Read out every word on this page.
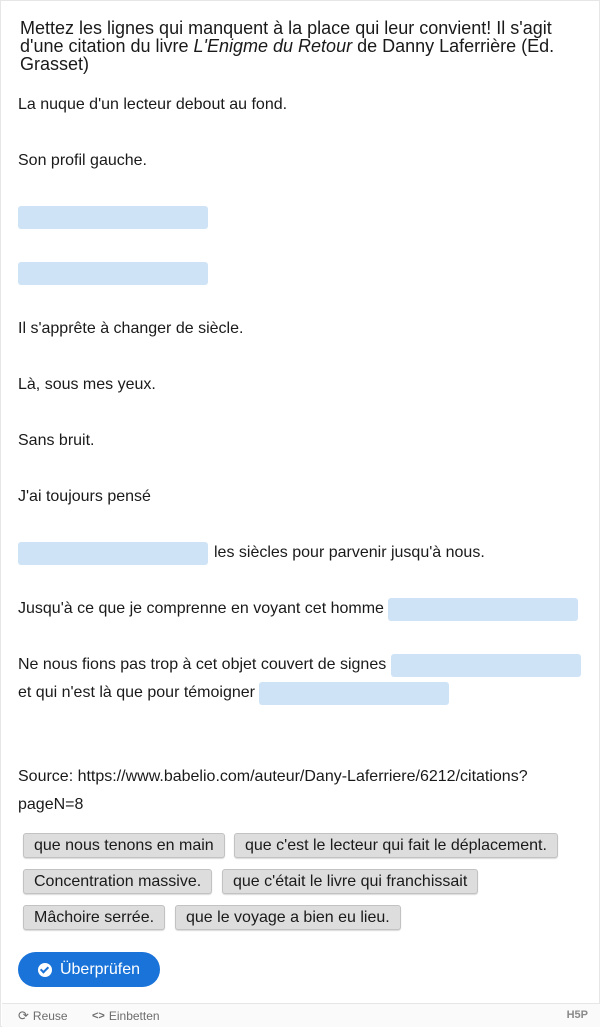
Mettez les lignes qui manquent à la place qui leur convient! Il s'agit d'une citation du livre L'Enigme du Retour de Danny Laferrière (Ed. Grasset)
La nuque d'un lecteur debout au fond.
Son profil gauche.
Il s'apprête à changer de siècle.
Là, sous mes yeux.
Sans bruit.
J'ai toujours pensé
les siècles pour parvenir jusqu'à nous.
Jusqu'à ce que je comprenne en voyant cet homme
Ne nous fions pas trop à cet objet couvert de signes
et qui n'est là que pour témoigner
Source: https://www.babelio.com/auteur/Dany-Laferriere/6212/citations?
pageN=8
que nous tenons en main	que c'est le lecteur qui fait le déplacement.
Concentration massive.	que c'était le livre qui franchissait
Mâchoire serrée.	que le voyage a bien eu lieu.
Überprüfen
⟳ Reuse <> Einbetten	H5P
